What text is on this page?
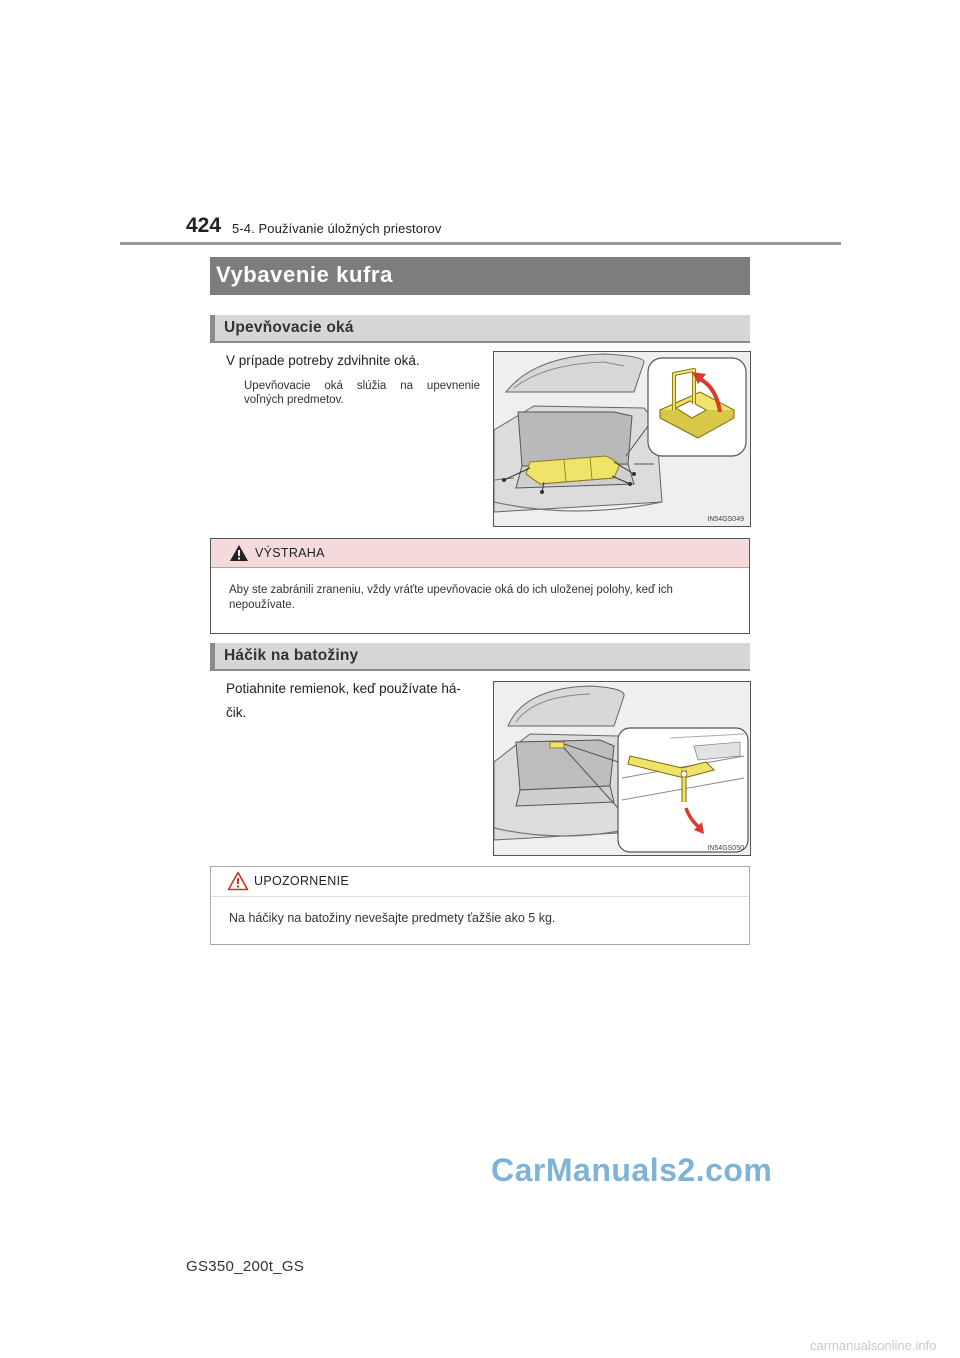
424 5-4. Používanie úložných priestorov
Vybavenie kufra
Upevňovacie oká
V prípade potreby zdvihnite oká.
Upevňovacie oká slúžia na upevnenie voľných predmetov.
IN54GS049
VÝSTRAHA
Aby ste zabránili zraneniu, vždy vráťte upevňovacie oká do ich uloženej polohy, keď ich nepoužívate.
Háčik na batožiny
Potiahnite remienok, keď používate há-
čik.
IN54GS050
UPOZORNENIE
Na háčiky na batožiny nevešajte predmety ťažšie ako 5 kg.
CarManuals2.com
GS350_200t_GS
carmanualsonline.info
